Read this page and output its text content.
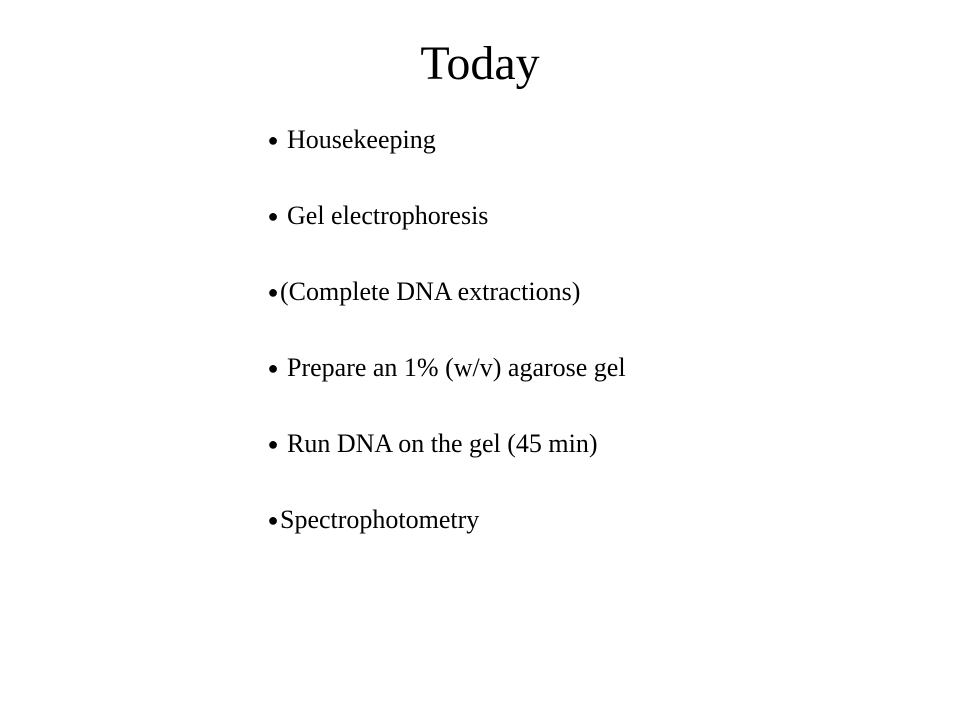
Today
● Housekeeping
● Gel electrophoresis
● (Complete DNA extractions)
● Prepare an 1% (w/v) agarose gel
● Run DNA on the gel (45 min)
● Spectrophotometry
